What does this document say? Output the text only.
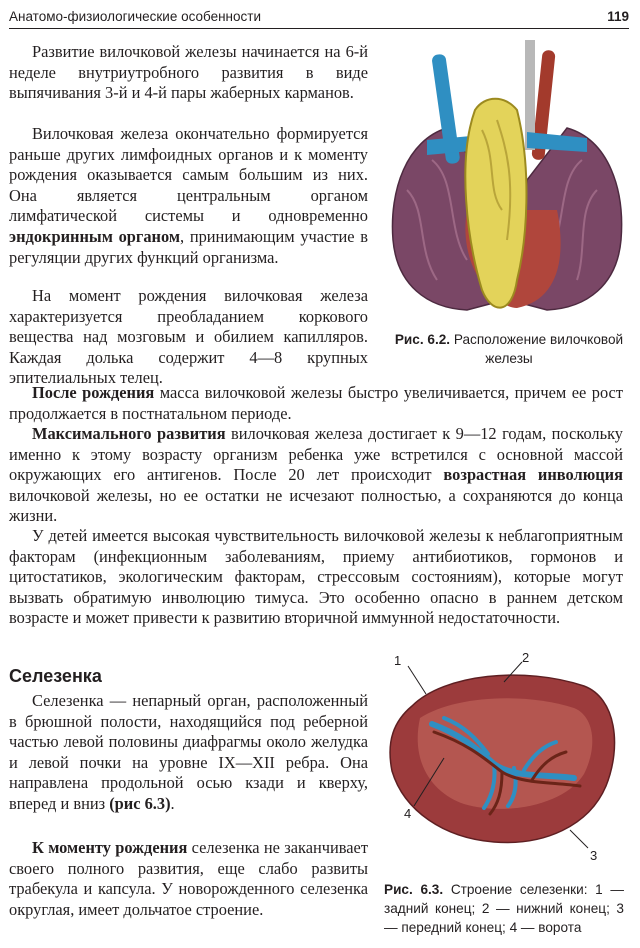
Анатомо-физиологические особенности	119

Развитие вилочковой железы начинается на 6-й неделе внутриутробного развития в виде выпячивания 3-й и 4-й пары жаберных карманов.

Вилочковая железа окончательно формируется раньше других лимфоидных органов и к моменту рождения оказывается самым большим из них. Она является центральным органом лимфатической системы и одновременно эндокринным органом, принимающим участие в регуляции других функций организма.

На момент рождения вилочковая железа характеризуется преобладанием коркового вещества над мозговым и обилием капилляров. Каждая долька содержит 4—8 крупных эпителиальных телец.

Рис. 6.2. Расположение вилочковой железы

После рождения масса вилочковой железы быстро увеличивается, причем ее рост продолжается в постнатальном периоде.

Максимального развития вилочковая железа достигает к 9—12 годам, поскольку именно к этому возрасту организм ребенка уже встретился с основной массой окружающих его антигенов. После 20 лет происходит возрастная инволюция вилочковой железы, но ее остатки не исчезают полностью, а сохраняются до конца жизни.

У детей имеется высокая чувствительность вилочковой железы к неблагоприятным факторам (инфекционным заболеваниям, приему антибиотиков, гормонов и цитостатиков, экологическим факторам, стрессовым состояниям), которые могут вызвать обратимую инволюцию тимуса. Это особенно опасно в раннем детском возрасте и может привести к развитию вторичной иммунной недостаточности.

Селезенка

Селезенка — непарный орган, расположенный в брюшной полости, находящийся под реберной частью левой половины диафрагмы около желудка и левой почки на уровне IX—XII ребра. Она направлена продольной осью кзади и кверху, вперед и вниз (рис 6.3).

К моменту рождения селезенка не заканчивает своего полного развития, еще слабо развиты трабекула и капсула. У новорожденного селезенка округлая, имеет дольчатое строение.

1	2
3
4
Рис. 6.3. Строение селезенки: 1 — задний конец; 2 — нижний конец; 3 — передний конец; 4 — ворота
